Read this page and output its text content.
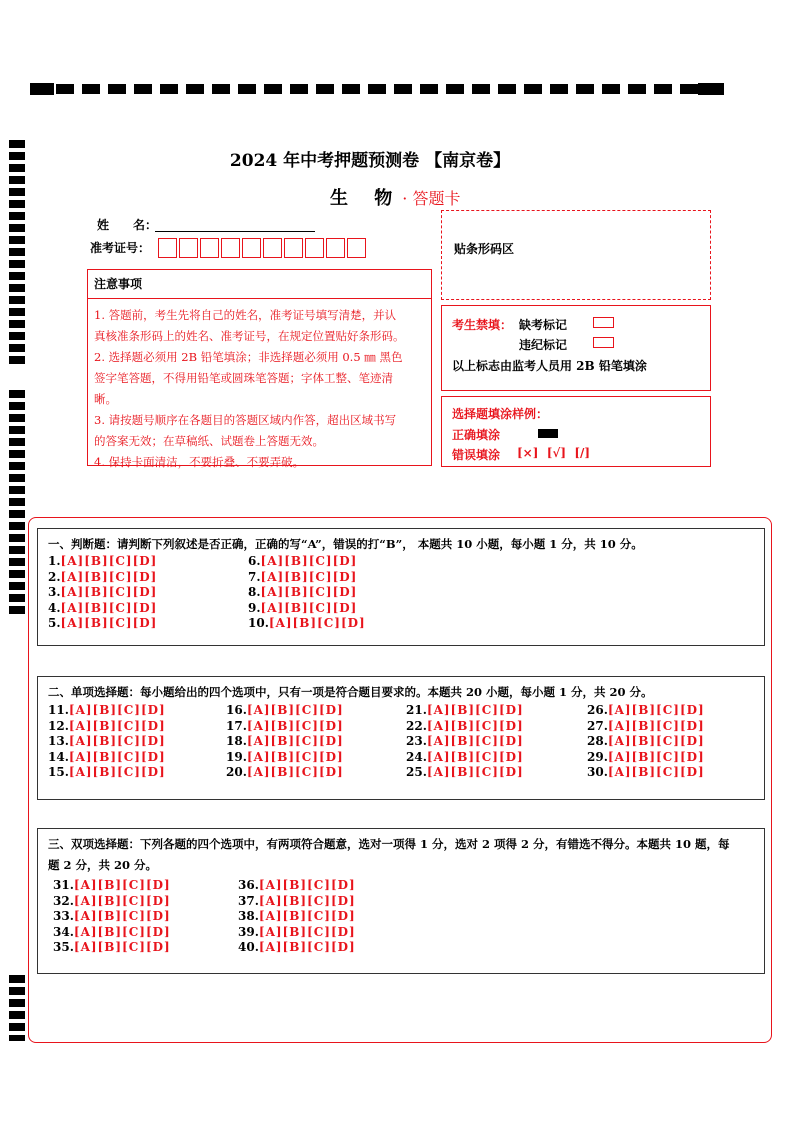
2024 年中考押题预测卷 【南京卷】
生 物· 答题卡
姓　　名：
准考证号：
注意事项
1. 答题前，考生先将自己的姓名，准考证号填写清楚，并认
真核准条形码上的姓名、准考证号，在规定位置贴好条形码。
2. 选择题必须用 2B 铅笔填涂；非选择题必须用 0.5 ㎜ 黑色
签字笔答题，不得用铅笔或圆珠笔答题；字体工整、笔迹清
晰。
3. 请按题号顺序在各题目的答题区域内作答，超出区域书写
的答案无效；在草稿纸、试题卷上答题无效。
4. 保持卡面清洁，不要折叠、不要弄破。
贴条形码区
考生禁填： 缺考标记
违纪标记
以上标志由监考人员用 2B 铅笔填涂
选择题填涂样例：
正确填涂
错误填涂 [×]  [√]  [/]
一、判断题：请判断下列叙述是否正确，正确的写“A”，错误的打“B”， 本题共 10 小题，每小题 1 分，共 10 分。
二、单项选择题：每小题给出的四个选项中，只有一项是符合题目要求的。本题共 20 小题，每小题 1 分，共 20 分。
三、双项选择题：下列各题的四个选项中，有两项符合题意，选对一项得 1 分，选对 2 项得 2 分，有错选不得分。本题共 10 题，每
题 2 分，共 20 分。
1.[A][B][C][D]
2.[A][B][C][D]
3.[A][B][C][D]
4.[A][B][C][D]
5.[A][B][C][D]
6.[A][B][C][D]
7.[A][B][C][D]
8.[A][B][C][D]
9.[A][B][C][D]
10.[A][B][C][D]
11.[A][B][C][D]
12.[A][B][C][D]
13.[A][B][C][D]
14.[A][B][C][D]
15.[A][B][C][D]
16.[A][B][C][D]
17.[A][B][C][D]
18.[A][B][C][D]
19.[A][B][C][D]
20.[A][B][C][D]
21.[A][B][C][D]
22.[A][B][C][D]
23.[A][B][C][D]
24.[A][B][C][D]
25.[A][B][C][D]
26.[A][B][C][D]
27.[A][B][C][D]
28.[A][B][C][D]
29.[A][B][C][D]
30.[A][B][C][D]
31.[A][B][C][D]
32.[A][B][C][D]
33.[A][B][C][D]
34.[A][B][C][D]
35.[A][B][C][D]
36.[A][B][C][D]
37.[A][B][C][D]
38.[A][B][C][D]
39.[A][B][C][D]
40.[A][B][C][D]
